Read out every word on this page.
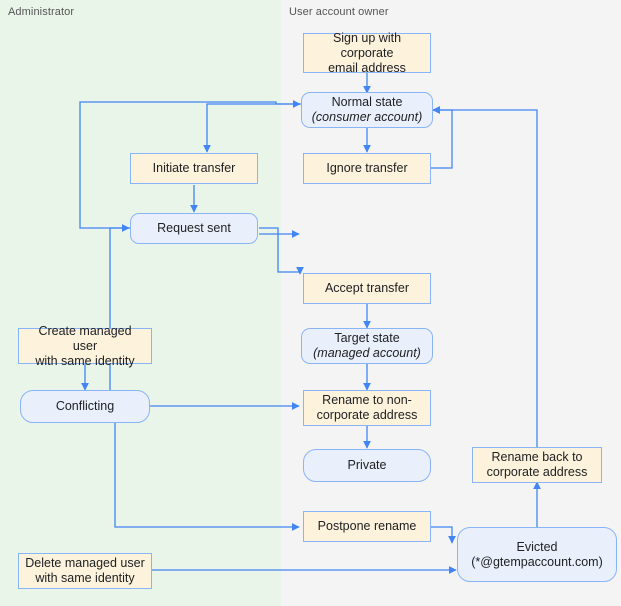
Administrator	User account owner
Sign up with corporate
email address
Normal state
(consumer account)
Initiate transfer	Ignore transfer
Request sent
Accept transfer
Target state
(managed account)
Create managed user
with same identity
Conflicting	Rename to non-
corporate address
Private
Rename back to
corporate address
Postpone rename
Evicted
(*@gtempaccount.com)
Delete managed user
with same identity
